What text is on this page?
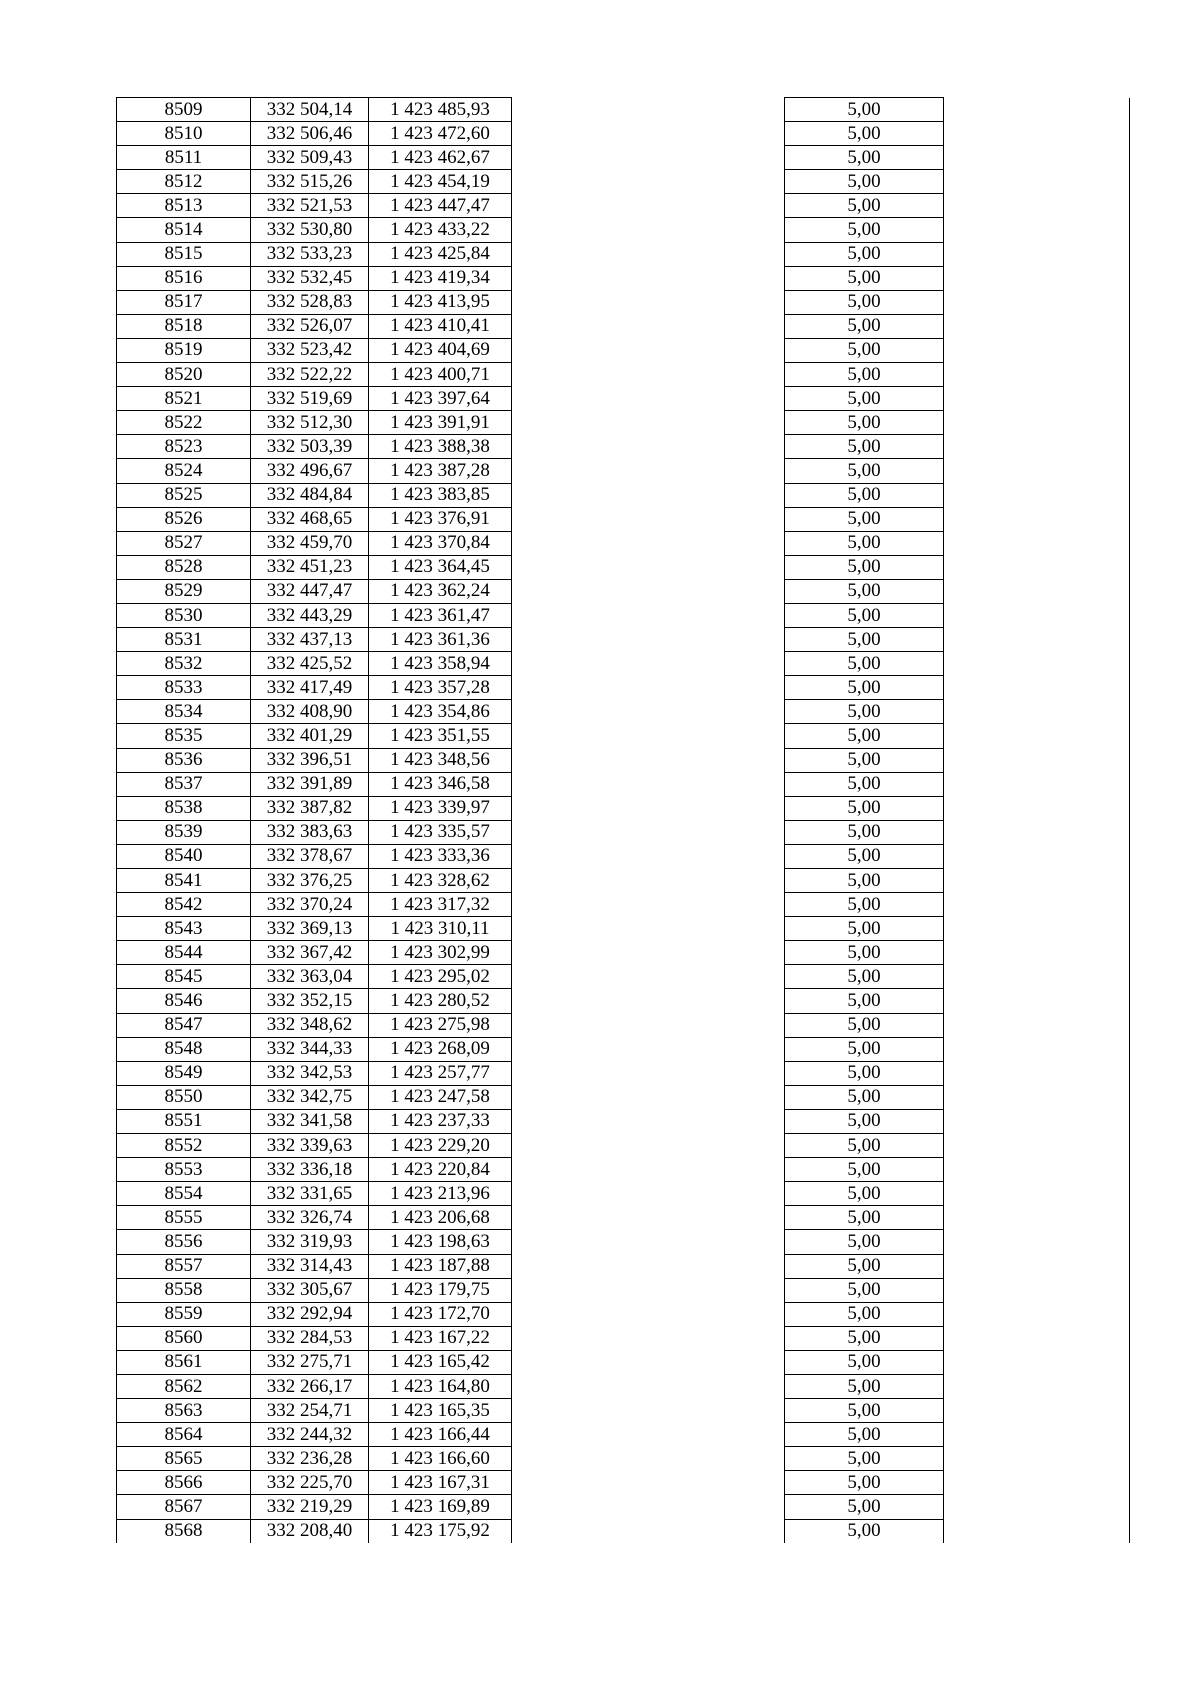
8509	332 504,14	1 423 485,93		5,00	
8510	332 506,46	1 423 472,60		5,00	
8511	332 509,43	1 423 462,67		5,00	
8512	332 515,26	1 423 454,19		5,00	
8513	332 521,53	1 423 447,47		5,00	
8514	332 530,80	1 423 433,22		5,00	
8515	332 533,23	1 423 425,84		5,00	
8516	332 532,45	1 423 419,34		5,00	
8517	332 528,83	1 423 413,95		5,00	
8518	332 526,07	1 423 410,41		5,00	
8519	332 523,42	1 423 404,69		5,00	
8520	332 522,22	1 423 400,71		5,00	
8521	332 519,69	1 423 397,64		5,00	
8522	332 512,30	1 423 391,91		5,00	
8523	332 503,39	1 423 388,38		5,00	
8524	332 496,67	1 423 387,28		5,00	
8525	332 484,84	1 423 383,85		5,00	
8526	332 468,65	1 423 376,91		5,00	
8527	332 459,70	1 423 370,84		5,00	
8528	332 451,23	1 423 364,45		5,00	
8529	332 447,47	1 423 362,24		5,00	
8530	332 443,29	1 423 361,47		5,00	
8531	332 437,13	1 423 361,36		5,00	
8532	332 425,52	1 423 358,94		5,00	
8533	332 417,49	1 423 357,28		5,00	
8534	332 408,90	1 423 354,86		5,00	
8535	332 401,29	1 423 351,55		5,00	
8536	332 396,51	1 423 348,56		5,00	
8537	332 391,89	1 423 346,58		5,00	
8538	332 387,82	1 423 339,97		5,00	
8539	332 383,63	1 423 335,57		5,00	
8540	332 378,67	1 423 333,36		5,00	
8541	332 376,25	1 423 328,62		5,00	
8542	332 370,24	1 423 317,32		5,00	
8543	332 369,13	1 423 310,11		5,00	
8544	332 367,42	1 423 302,99		5,00	
8545	332 363,04	1 423 295,02		5,00	
8546	332 352,15	1 423 280,52		5,00	
8547	332 348,62	1 423 275,98		5,00	
8548	332 344,33	1 423 268,09		5,00	
8549	332 342,53	1 423 257,77		5,00	
8550	332 342,75	1 423 247,58		5,00	
8551	332 341,58	1 423 237,33		5,00	
8552	332 339,63	1 423 229,20		5,00	
8553	332 336,18	1 423 220,84		5,00	
8554	332 331,65	1 423 213,96		5,00	
8555	332 326,74	1 423 206,68		5,00	
8556	332 319,93	1 423 198,63		5,00	
8557	332 314,43	1 423 187,88		5,00	
8558	332 305,67	1 423 179,75		5,00	
8559	332 292,94	1 423 172,70		5,00	
8560	332 284,53	1 423 167,22		5,00	
8561	332 275,71	1 423 165,42		5,00	
8562	332 266,17	1 423 164,80		5,00	
8563	332 254,71	1 423 165,35		5,00	
8564	332 244,32	1 423 166,44		5,00	
8565	332 236,28	1 423 166,60		5,00	
8566	332 225,70	1 423 167,31		5,00	
8567	332 219,29	1 423 169,89		5,00	
8568	332 208,40	1 423 175,92		5,00	
